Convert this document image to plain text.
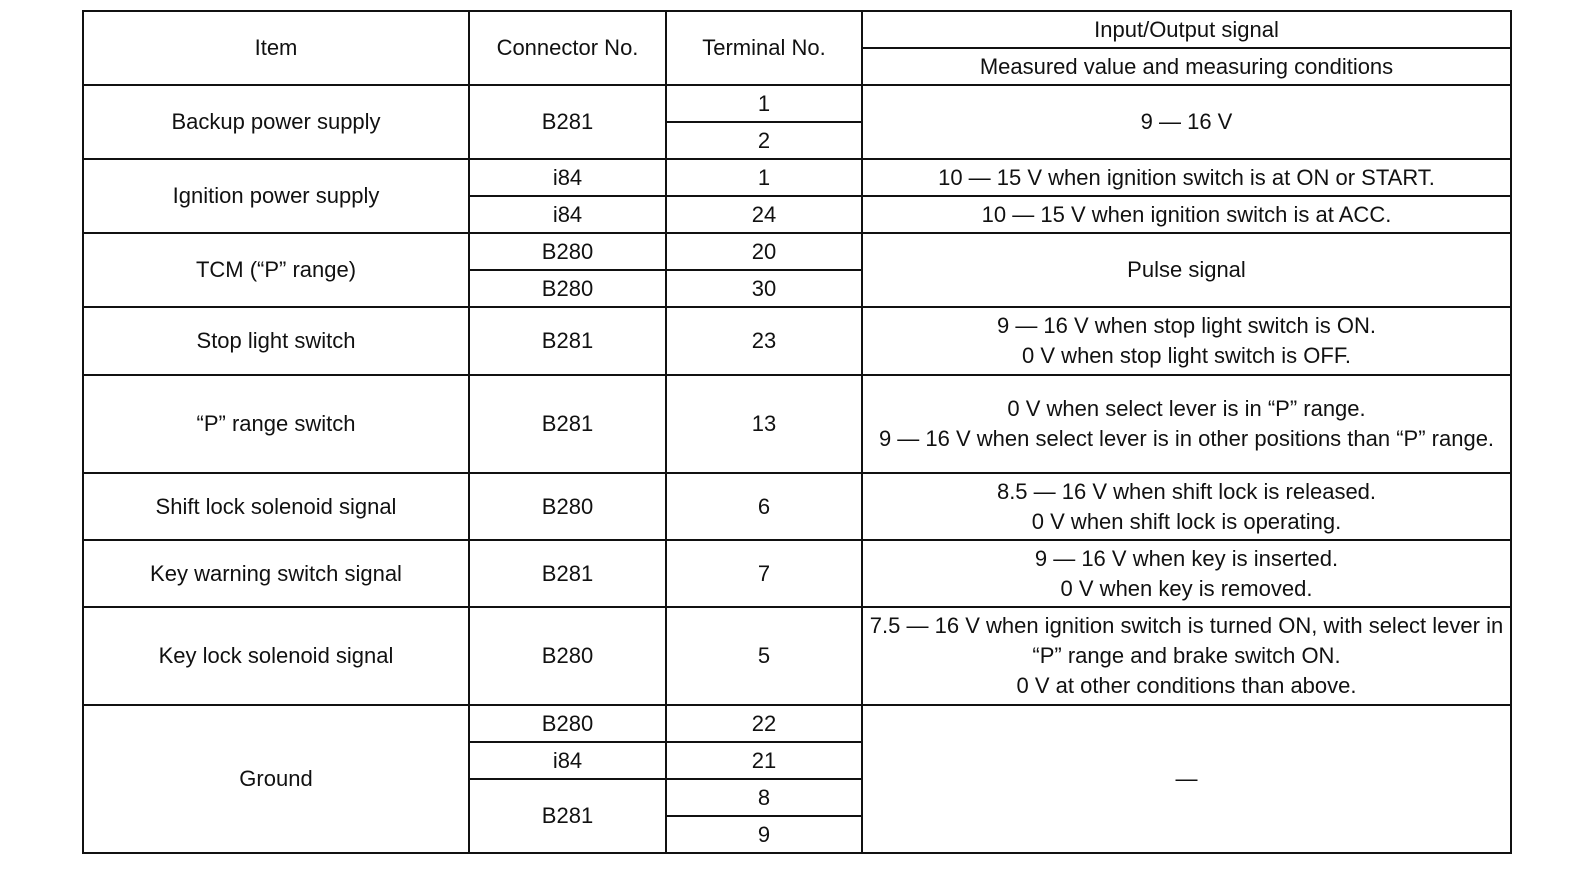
Item	Connector No.	Terminal No.	Input/Output signal
			Measured value and measuring conditions
Backup power supply	B281	1	9 — 16 V
		2	
Ignition power supply	i84	1	10 — 15 V when ignition switch is at ON or START.
	i84	24	10 — 15 V when ignition switch is at ACC.
TCM (“P” range)	B280	20	Pulse signal
	B280	30	
Stop light switch	B281	23	9 — 16 V when stop light switch is ON.
0 V when stop light switch is OFF.
“P” range switch	B281	13	0 V when select lever is in “P” range.
9 — 16 V when select lever is in other positions than “P” range.
Shift lock solenoid signal	B280	6	8.5 — 16 V when shift lock is released.
0 V when shift lock is operating.
Key warning switch signal	B281	7	9 — 16 V when key is inserted.
0 V when key is removed.
Key lock solenoid signal	B280	5	7.5 — 16 V when ignition switch is turned ON, with select lever in “P” range and brake switch ON.
0 V at other conditions than above.
Ground	B280	22	—
	i84	21	
	B281	8	
		9	
